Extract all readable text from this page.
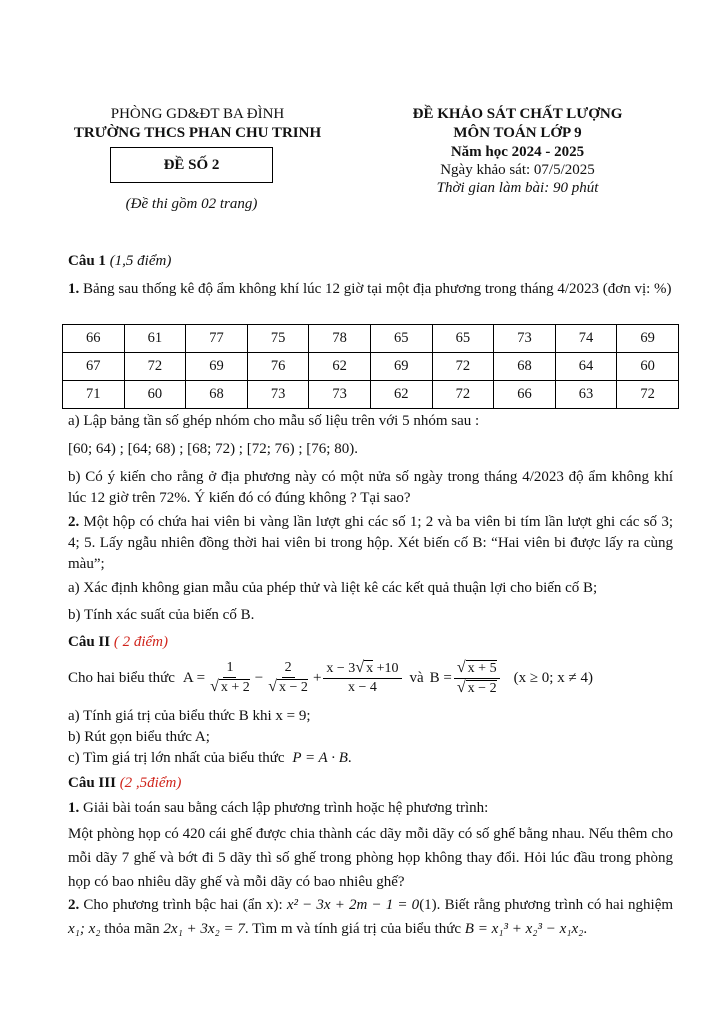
PHÒNG GD&ĐT BA ĐÌNH
TRƯỜNG THCS PHAN CHU TRINH
ĐỀ SỐ 2
(Đề thi gồm 02 trang)
ĐỀ KHẢO SÁT CHẤT LƯỢNG
MÔN TOÁN LỚP 9
Năm học 2024 - 2025
Ngày khảo sát: 07/5/2025
Thời gian làm bài: 90 phút
Câu 1 (1,5 điểm)
1. Bảng sau thống kê độ ẩm không khí lúc 12 giờ tại một địa phương trong tháng 4/2023 (đơn vị: %)
66	61	77	75	78	65	65	73	74	69
67	72	69	76	62	69	72	68	64	60
71	60	68	73	73	62	72	66	63	72
a) Lập bảng tần số ghép nhóm cho mẫu số liệu trên với 5 nhóm sau :
[60; 64) ; [64; 68) ; [68; 72) ; [72; 76) ; [76; 80).
b) Có ý kiến cho rằng ở địa phương này có một nửa số ngày trong tháng 4/2023 độ ẩm không khí lúc 12 giờ trên 72%. Ý kiến đó có đúng không ? Tại sao?
2. Một hộp có chứa hai viên bi vàng lần lượt ghi các số 1; 2 và ba viên bi tím lần lượt ghi các số 3; 4; 5. Lấy ngẫu nhiên đồng thời hai viên bi trong hộp. Xét biến cố B: “Hai viên bi được lấy ra cùng màu”;
a) Xác định không gian mẫu của phép thử và liệt kê các kết quả thuận lợi cho biến cố B;
b) Tính xác suất của biến cố B.
Câu II ( 2 điểm)
Cho hai biểu thức $A = \frac{1}{√ x + 2} - \frac{2}{√ x - 2} + \frac{x - 3√ x +10}{x - 4}$ và $B = \frac{√ x + 5}{√ x - 2} (x \ge 0$; x ≠ 4)
a) Tính giá trị của biểu thức B khi x = 9;
b) Rút gọn biểu thức A;
c) Tìm giá trị lớn nhất của biểu thức P = A · B.
Câu III (2 ,5điểm)
1. Giải bài toán sau bằng cách lập phương trình hoặc hệ phương trình:
Một phòng họp có 420 cái ghế được chia thành các dãy mỗi dãy có số ghế bằng nhau. Nếu thêm cho mỗi dãy 7 ghế và bớt đi 5 dãy thì số ghế trong phòng họp không thay đổi. Hỏi lúc đầu trong phòng họp có bao nhiêu dãy ghế và mỗi dãy có bao nhiêu ghế?
2. Cho phương trình bậc hai (ẩn x): x² − 3x + 2m − 1 = 0(1). Biết rằng phương trình có hai nghiệm x₁; x₂ thỏa mãn 2x₁ + 3x₂ = 7. Tìm m và tính giá trị của biểu thức B = x₁³ + x₂³ − x₁x₂.
